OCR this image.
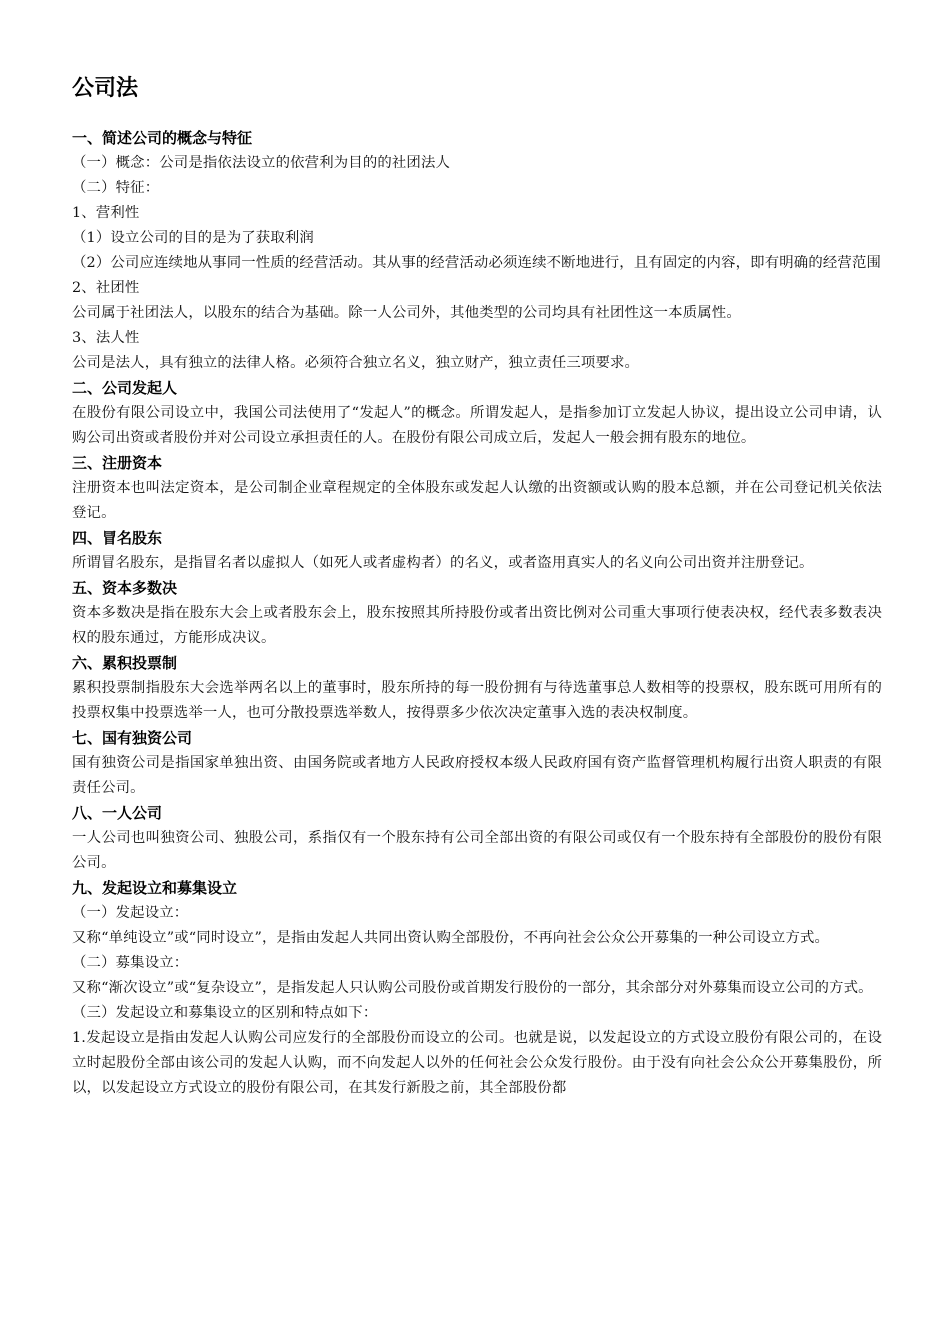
公司法
一、简述公司的概念与特征

（一）概念：公司是指依法设立的依营利为目的的社团法人

（二）特征：

1、营利性

（1）设立公司的目的是为了获取利润

（2）公司应连续地从事同一性质的经营活动。其从事的经营活动必须连续不断地进行，且有固定的内容，即有明确的经营范围

2、社团性

公司属于社团法人，以股东的结合为基础。除一人公司外，其他类型的公司均具有社团性这一本质属性。

3、法人性

公司是法人，具有独立的法律人格。必须符合独立名义，独立财产，独立责任三项要求。

二、公司发起人

在股份有限公司设立中，我国公司法使用了“发起人”的概念。所谓发起人，是指参加订立发起人协议，提出设立公司申请，认购公司出资或者股份并对公司设立承担责任的人。在股份有限公司成立后，发起人一般会拥有股东的地位。

三、注册资本

注册资本也叫法定资本，是公司制企业章程规定的全体股东或发起人认缴的出资额或认购的股本总额，并在公司登记机关依法登记。

四、冒名股东

所谓冒名股东，是指冒名者以虚拟人（如死人或者虚构者）的名义，或者盗用真实人的名义向公司出资并注册登记。

五、资本多数决

资本多数决是指在股东大会上或者股东会上，股东按照其所持股份或者出资比例对公司重大事项行使表决权，经代表多数表决权的股东通过，方能形成决议。

六、累积投票制

累积投票制指股东大会选举两名以上的董事时，股东所持的每一股份拥有与待选董事总人数相等的投票权，股东既可用所有的投票权集中投票选举一人，也可分散投票选举数人，按得票多少依次决定董事入选的表决权制度。

七、国有独资公司

国有独资公司是指国家单独出资、由国务院或者地方人民政府授权本级人民政府国有资产监督管理机构履行出资人职责的有限责任公司。

八、一人公司

一人公司也叫独资公司、独股公司，系指仅有一个股东持有公司全部出资的有限公司或仅有一个股东持有全部股份的股份有限公司。

九、发起设立和募集设立

（一）发起设立：

又称“单纯设立”或“同时设立”，是指由发起人共同出资认购全部股份，不再向社会公众公开募集的一种公司设立方式。

（二）募集设立：

又称“渐次设立”或“复杂设立”，是指发起人只认购公司股份或首期发行股份的一部分，其余部分对外募集而设立公司的方式。

（三）发起设立和募集设立的区别和特点如下：

1.发起设立是指由发起人认购公司应发行的全部股份而设立的公司。也就是说，以发起设立的方式设立股份有限公司的，在设立时起股份全部由该公司的发起人认购，而不向发起人以外的任何社会公众发行股份。由于没有向社会公众公开募集股份，所以，以发起设立方式设立的股份有限公司，在其发行新股之前，其全部股份都
